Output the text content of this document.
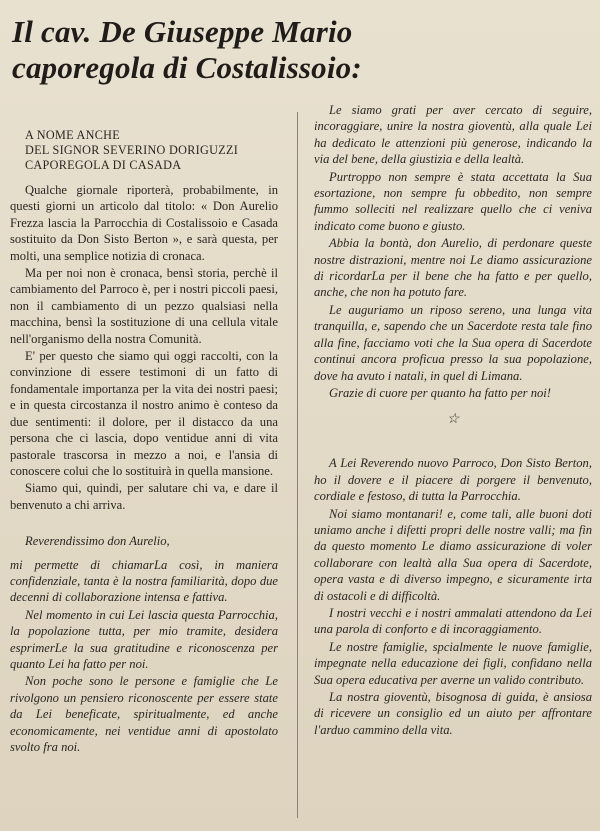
Il cav. De Giuseppe Mario

caporegola di Costalissoio:
A NOME ANCHE
DEL SIGNOR SEVERINO DORIGUZZI
CAPOREGOLA DI CASADA

Qualche giornale riporterà, probabilmente, in questi giorni un articolo dal titolo: « Don Aurelio Frezza lascia la Parrocchia di Costalissoio e Casada sostituito da Don Sisto Berton », e sarà questa, per molti, una semplice notizia di cronaca.

Ma per noi non è cronaca, bensì storia, perchè il cambiamento del Parroco è, per i nostri piccoli paesi, non il cambiamento di un pezzo qualsiasi nella macchina, bensì la sostituzione di una cellula vitale nell'organismo della nostra Comunità.

E' per questo che siamo qui oggi raccolti, con la convinzione di essere testimoni di un fatto di fondamentale importanza per la vita dei nostri paesi; e in questa circostanza il nostro animo è conteso da due sentimenti: il dolore, per il distacco da una persona che ci lascia, dopo ventidue anni di vita pastorale trascorsa in mezzo a noi, e l'ansia di conoscere colui che lo sostituirà in quella mansione.

Siamo qui, quindi, per salutare chi va, e dare il benvenuto a chi arriva.

Reverendissimo don Aurelio,

mi permette di chiamarLa così, in maniera confidenziale, tanta è la nostra familiarità, dopo due decenni di collaborazione intensa e fattiva.

Nel momento in cui Lei lascia questa Parrocchia, la popolazione tutta, per mio tramite, desidera esprimerLe la sua gratitudine e riconoscenza per quanto Lei ha fatto per noi.

Non poche sono le persone e famiglie che Le rivolgono un pensiero riconoscente per essere state da Lei beneficate, spiritualmente, ed anche economicamente, nei ventidue anni di apostolato svolto fra noi.

Le siamo grati per aver cercato di seguire, incoraggiare, unire la nostra gioventù, alla quale Lei ha dedicato le attenzioni più generose, indicando la via del bene, della giustizia e della lealtà.

Purtroppo non sempre è stata accettata la Sua esortazione, non sempre fu obbedito, non sempre fummo solleciti nel realizzare quello che ci veniva indicato come buono e giusto.

Abbia la bontà, don Aurelio, di perdonare queste nostre distrazioni, mentre noi Le diamo assicurazione di ricordarLa per il bene che ha fatto e per quello, anche, che non ha potuto fare.

Le auguriamo un riposo sereno, una lunga vita tranquilla, e, sapendo che un Sacerdote resta tale fino alla fine, facciamo voti che la Sua opera di Sacerdote continui ancora proficua presso la sua popolazione, dove ha avuto i natali, in quel di Limana.

Grazie di cuore per quanto ha fatto per noi!

☆

A Lei Reverendo nuovo Parroco, Don Sisto Berton, ho il dovere e il piacere di porgere il benvenuto, cordiale e festoso, di tutta la Parrocchia.

Noi siamo montanari! e, come tali, alle buoni doti uniamo anche i difetti propri delle nostre valli; ma fin da questo momento Le diamo assicurazione di voler collaborare con lealtà alla Sua opera di Sacerdote, opera vasta e di diverso impegno, e sicuramente irta di ostacoli e di difficoltà.

I nostri vecchi e i nostri ammalati attendono da Lei una parola di conforto e di incoraggiamento.

Le nostre famiglie, spcialmente le nuove famiglie, impegnate nella educazione dei figli, confidano nella Sua opera educativa per averne un valido contributo.

La nostra gioventù, bisognosa di guida, è ansiosa di ricevere un consiglio ed un aiuto per affrontare l'arduo cammino della vita.
